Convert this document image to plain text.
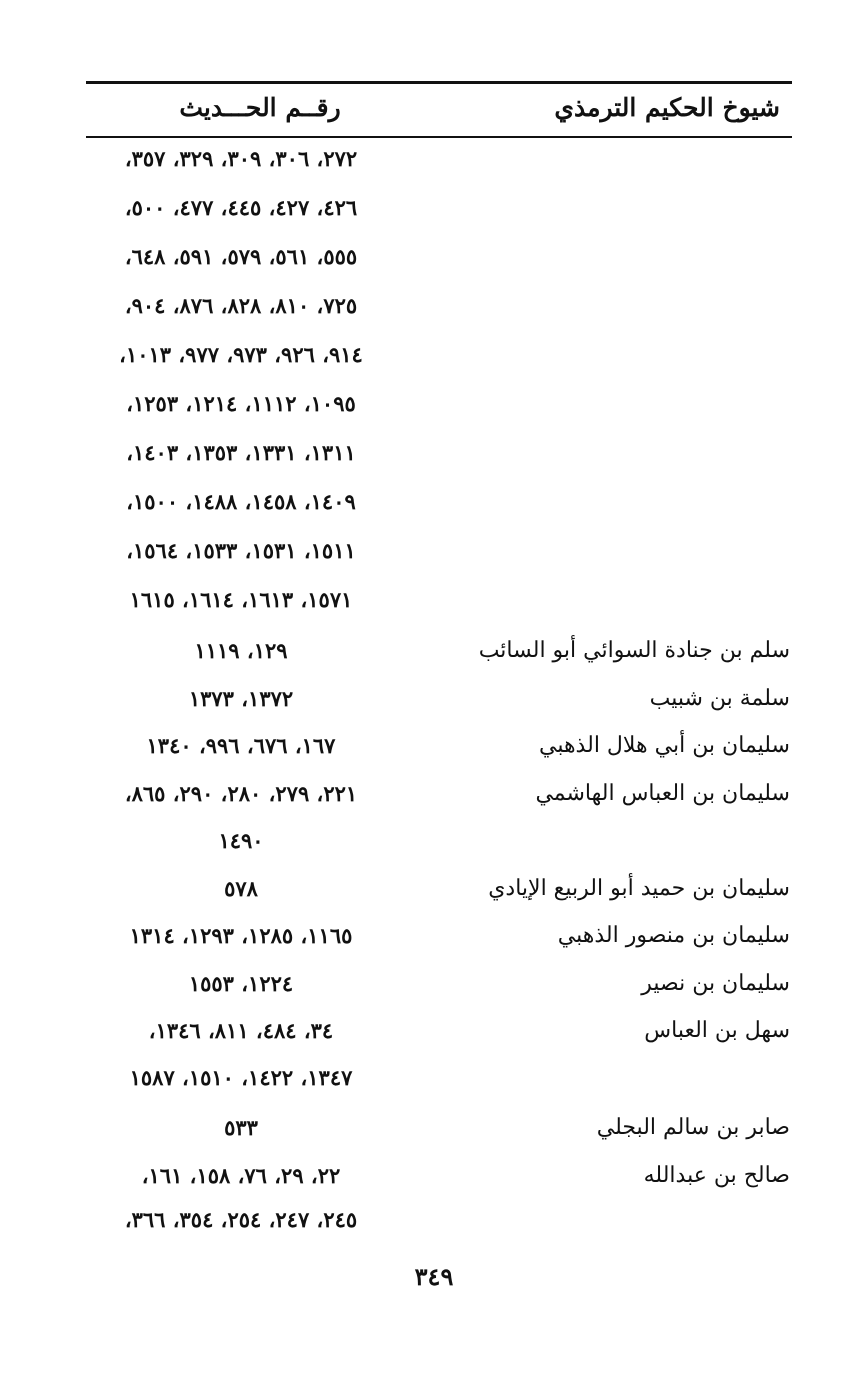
شيوخ الحكيم الترمذي
رقــم الحـــديث
٢٧٢، ٣٠٦، ٣٠٩، ٣٢٩، ٣٥٧،
٤٢٦، ٤٢٧، ٤٤٥، ٤٧٧، ٥٠٠،
٥٥٥، ٥٦١، ٥٧٩، ٥٩١، ٦٤٨،
٧٢٥، ٨١٠، ٨٢٨، ٨٧٦، ٩٠٤،
٩١٤، ٩٢٦، ٩٧٣، ٩٧٧، ١٠١٣،
١٠٩٥، ١١١٢، ١٢١٤، ١٢٥٣،
١٣١١، ١٣٣١، ١٣٥٣، ١٤٠٣،
١٤٠٩، ١٤٥٨، ١٤٨٨، ١٥٠٠،
١٥١١، ١٥٣١، ١٥٣٣، ١٥٦٤،
١٥٧١، ١٦١٣، ١٦١٤، ١٦١٥
سلم بن جنادة السوائي أبو السائب
١٢٩، ١١١٩
سلمة بن شبيب
١٣٧٢، ١٣٧٣
سليمان بن أبي هلال الذهبي
١٦٧، ٦٧٦، ٩٩٦، ١٣٤٠
سليمان بن العباس الهاشمي
٢٢١، ٢٧٩، ٢٨٠، ٢٩٠، ٨٦٥،
١٤٩٠
سليمان بن حميد أبو الربيع الإيادي
٥٧٨
سليمان بن منصور الذهبي
١١٦٥، ١٢٨٥، ١٢٩٣، ١٣١٤
سليمان بن نصير
١٢٢٤، ١٥٥٣
سهل بن العباس
٣٤، ٤٨٤، ٨١١، ١٣٤٦،
١٣٤٧، ١٤٢٢، ١٥١٠، ١٥٨٧
صابر بن سالم البجلي
٥٣٣
صالح بن عبدالله
٢٢، ٢٩، ٧٦، ١٥٨، ١٦١،
٢٤٥، ٢٤٧، ٢٥٤، ٣٥٤، ٣٦٦،
٣٤٩
